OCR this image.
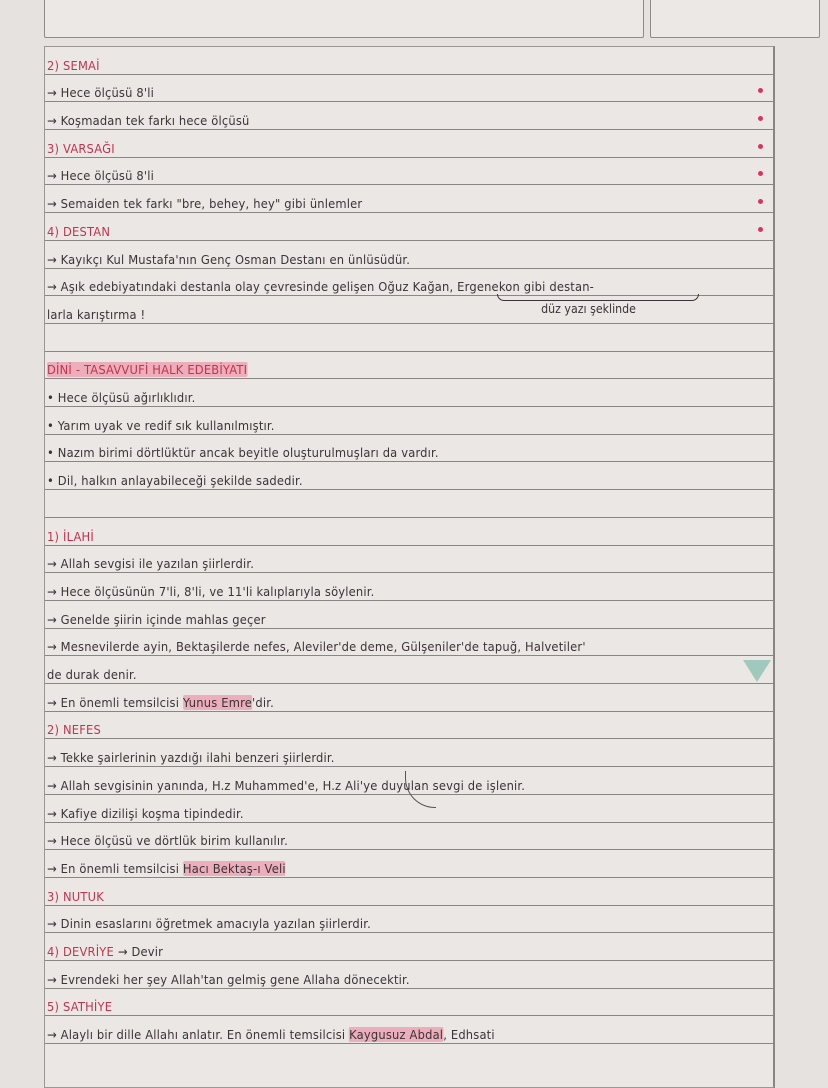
2) SEMAİ
→ Hece ölçüsü 8'li
→ Koşmadan tek farkı hece ölçüsü
3) VARSAĞI
→ Hece ölçüsü 8'li
→ Semaiden tek farkı "bre, behey, hey" gibi ünlemler
4) DESTAN
→ Kayıkçı Kul Mustafa'nın Genç Osman Destanı en ünlüsüdür.
→ Aşık edebiyatındaki destanla olay çevresinde gelişen Oğuz Kağan, Ergenekon gibi destan-
larla karıştırma !
DİNİ - TASAVVUFİ HALK EDEBİYATI
• Hece ölçüsü ağırlıklıdır.
• Yarım uyak ve redif sık kullanılmıştır.
• Nazım birimi dörtlüktür ancak beyitle oluşturulmuşları da vardır.
• Dil, halkın anlayabileceği şekilde sadedir.
1) İLAHİ
→ Allah sevgisi ile yazılan şiirlerdir.
→ Hece ölçüsünün 7'li, 8'li, ve 11'li kalıplarıyla söylenir.
→ Genelde şiirin içinde mahlas geçer
→ Mesnevilerde ayin, Bektaşilerde nefes, Aleviler'de deme, Gülşeniler'de tapuğ, Halvetiler'
de durak denir.
→ En önemli temsilcisi Yunus Emre'dir.
2) NEFES
→ Tekke şairlerinin yazdığı ilahi benzeri şiirlerdir.
→ Allah sevgisinin yanında, H.z Muhammed'e, H.z Ali'ye duyulan sevgi de işlenir.
→ Kafiye dizilişi koşma tipindedir.
→ Hece ölçüsü ve dörtlük birim kullanılır.
→ En önemli temsilcisi Hacı Bektaş-ı Veli
3) NUTUK
→ Dinin esaslarını öğretmek amacıyla yazılan şiirlerdir.
4) DEVRİYE → Devir
→ Evrendeki her şey Allah'tan gelmiş gene Allaha dönecektir.
5) SATHİYE
→ Alaylı bir dille Allahı anlatır. En önemli temsilcisi Kaygusuz Abdal, Edhsati
düz yazı şeklinde
